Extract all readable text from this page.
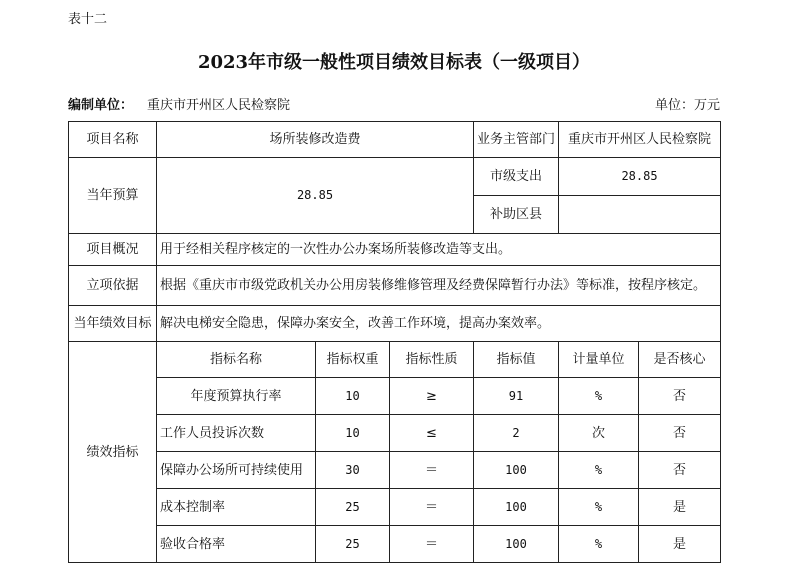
表十二
2023年市级一般性项目绩效目标表（一级项目）
编制单位： 重庆市开州区人民检察院	单位：万元
项目名称	场所装修改造费			业务主管部门	重庆市开州区人民检察院	
当年预算	28.85			市级支出	28.85	
				补助区县		
项目概况	用于经相关程序核定的一次性办公办案场所装修改造等支出。					
立项依据	根据《重庆市市级党政机关办公用房装修维修管理及经费保障暂行办法》等标准，按程序核定。					
当年绩效目标	解决电梯安全隐患，保障办案安全，改善工作环境，提高办案效率。					
绩效指标	指标名称	指标权重	指标性质	指标值	计量单位	是否核心
	年度预算执行率	10	≥	91	%	否
	工作人员投诉次数	10	≤	2	次	否
	保障办公场所可持续使用	30	＝	100	%	否
	成本控制率	25	＝	100	%	是
	验收合格率	25	＝	100	%	是
